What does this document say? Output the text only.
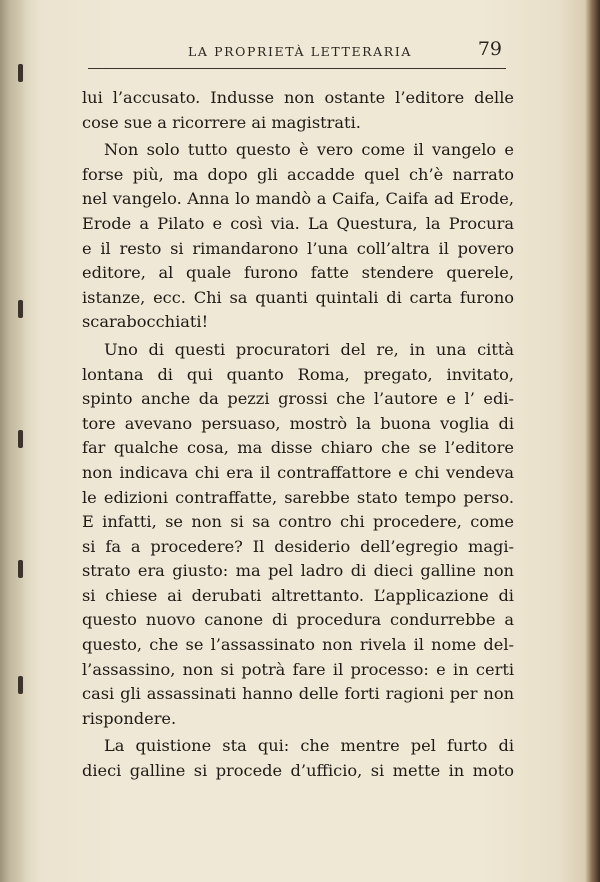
LA PROPRIETÀ LETTERARIA	79
lui l’accusato. Indusse non ostante l’editore delle
cose sue a ricorrere ai magistrati.
Non solo tutto questo è vero come il vangelo e
forse più, ma dopo gli accadde quel ch’è narrato
nel vangelo. Anna lo mandò a Caifa, Caifa ad Erode,
Erode a Pilato e così via. La Questura, la Procura
e il resto si rimandarono l’una coll’altra il povero
editore, al quale furono fatte stendere querele,
istanze, ecc. Chi sa quanti quintali di carta furono
scarabocchiati!
Uno di questi procuratori del re, in una città
lontana di qui quanto Roma, pregato, invitato,
spinto anche da pezzi grossi che l’autore e l’ edi-
tore avevano persuaso, mostrò la buona voglia di
far qualche cosa, ma disse chiaro che se l’editore
non indicava chi era il contraffattore e chi vendeva
le edizioni contraffatte, sarebbe stato tempo perso.
E infatti, se non si sa contro chi procedere, come
si fa a procedere? Il desiderio dell’egregio magi-
strato era giusto: ma pel ladro di dieci galline non
si chiese ai derubati altrettanto. L’applicazione di
questo nuovo canone di procedura condurrebbe a
questo, che se l’assassinato non rivela il nome del-
l’assassino, non si potrà fare il processo: e in certi
casi gli assassinati hanno delle forti ragioni per non
rispondere.
La quistione sta qui: che mentre pel furto di
dieci galline si procede d’ufficio, si mette in moto
